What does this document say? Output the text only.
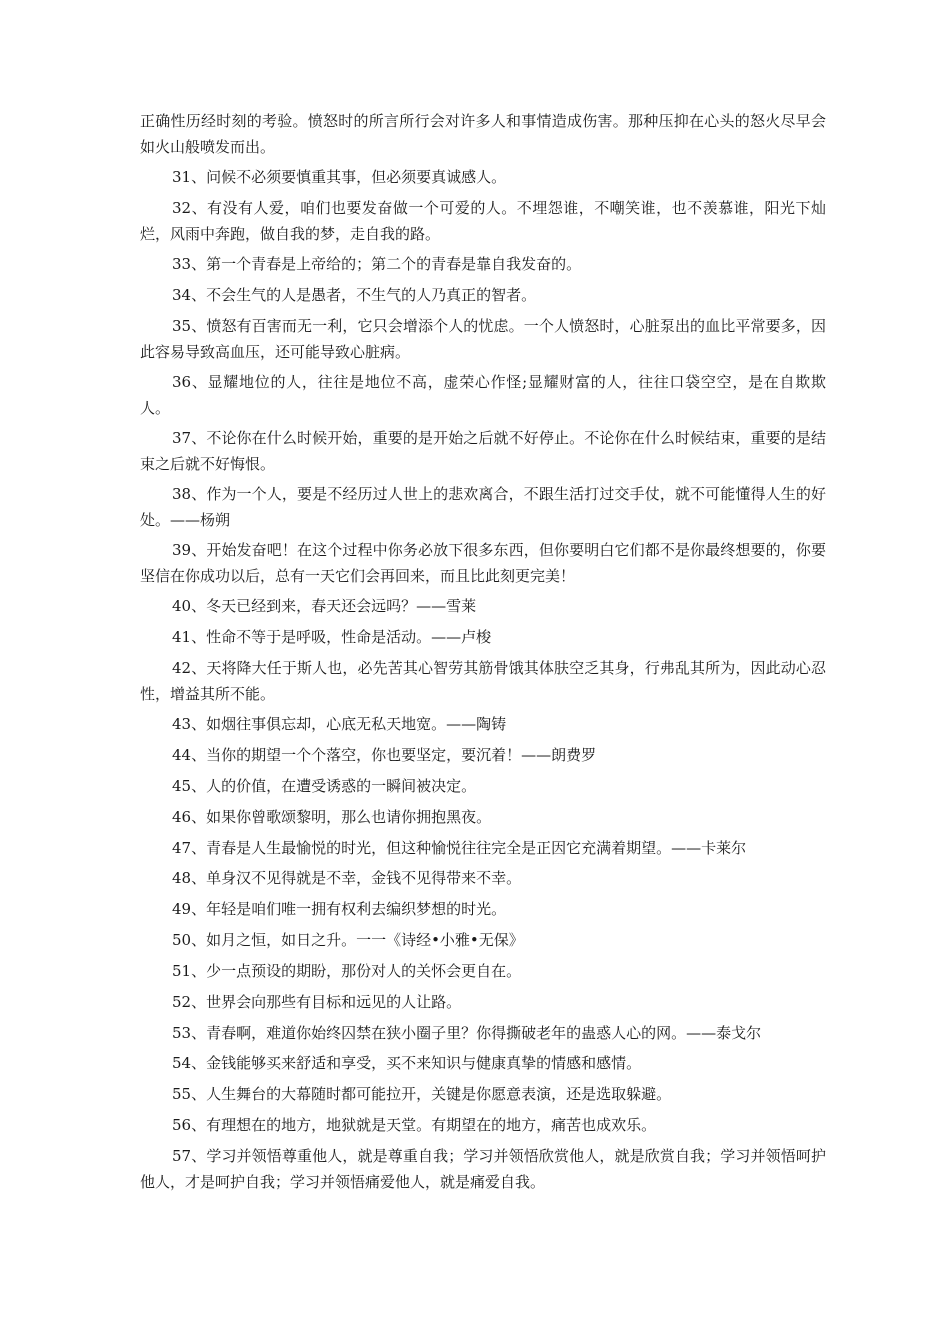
正确性历经时刻的考验。愤怒时的所言所行会对许多人和事情造成伤害。那种压抑在心头的怒火尽早会如火山般喷发而出。

31、问候不必须要慎重其事，但必须要真诚感人。

32、有没有人爱，咱们也要发奋做一个可爱的人。不埋怨谁，不嘲笑谁，也不羡慕谁，阳光下灿烂，风雨中奔跑，做自我的梦，走自我的路。

33、第一个青春是上帝给的；第二个的青春是靠自我发奋的。

34、不会生气的人是愚者，不生气的人乃真正的智者。

35、愤怒有百害而无一利，它只会增添个人的忧虑。一个人愤怒时，心脏泵出的血比平常要多，因此容易导致高血压，还可能导致心脏病。

36、显耀地位的人，往往是地位不高，虚荣心作怪;显耀财富的人，往往口袋空空，是在自欺欺人。

37、不论你在什么时候开始，重要的是开始之后就不好停止。不论你在什么时候结束，重要的是结束之后就不好悔恨。

38、作为一个人，要是不经历过人世上的悲欢离合，不跟生活打过交手仗，就不可能懂得人生的好处。——杨朔

39、开始发奋吧！在这个过程中你务必放下很多东西，但你要明白它们都不是你最终想要的，你要坚信在你成功以后，总有一天它们会再回来，而且比此刻更完美！

40、冬天已经到来，春天还会远吗？——雪莱

41、性命不等于是呼吸，性命是活动。——卢梭

42、天将降大任于斯人也，必先苦其心智劳其筋骨饿其体肤空乏其身，行弗乱其所为，因此动心忍性，增益其所不能。

43、如烟往事俱忘却，心底无私天地宽。——陶铸

44、当你的期望一个个落空，你也要坚定，要沉着！——朗费罗

45、人的价值，在遭受诱惑的一瞬间被决定。

46、如果你曾歌颂黎明，那么也请你拥抱黑夜。

47、青春是人生最愉悦的时光，但这种愉悦往往完全是正因它充满着期望。——卡莱尔

48、单身汉不见得就是不幸，金钱不见得带来不幸。

49、年轻是咱们唯一拥有权利去编织梦想的时光。

50、如月之恒，如日之升。一一《诗经•小雅•无保》

51、少一点预设的期盼，那份对人的关怀会更自在。

52、世界会向那些有目标和远见的人让路。

53、青春啊，难道你始终囚禁在狭小圈子里？你得撕破老年的蛊惑人心的网。——泰戈尔

54、金钱能够买来舒适和享受，买不来知识与健康真挚的情感和感情。

55、人生舞台的大幕随时都可能拉开，关键是你愿意表演，还是选取躲避。

56、有理想在的地方，地狱就是天堂。有期望在的地方，痛苦也成欢乐。

57、学习并领悟尊重他人，就是尊重自我；学习并领悟欣赏他人，就是欣赏自我；学习并领悟呵护他人，才是呵护自我；学习并领悟痛爱他人，就是痛爱自我。
